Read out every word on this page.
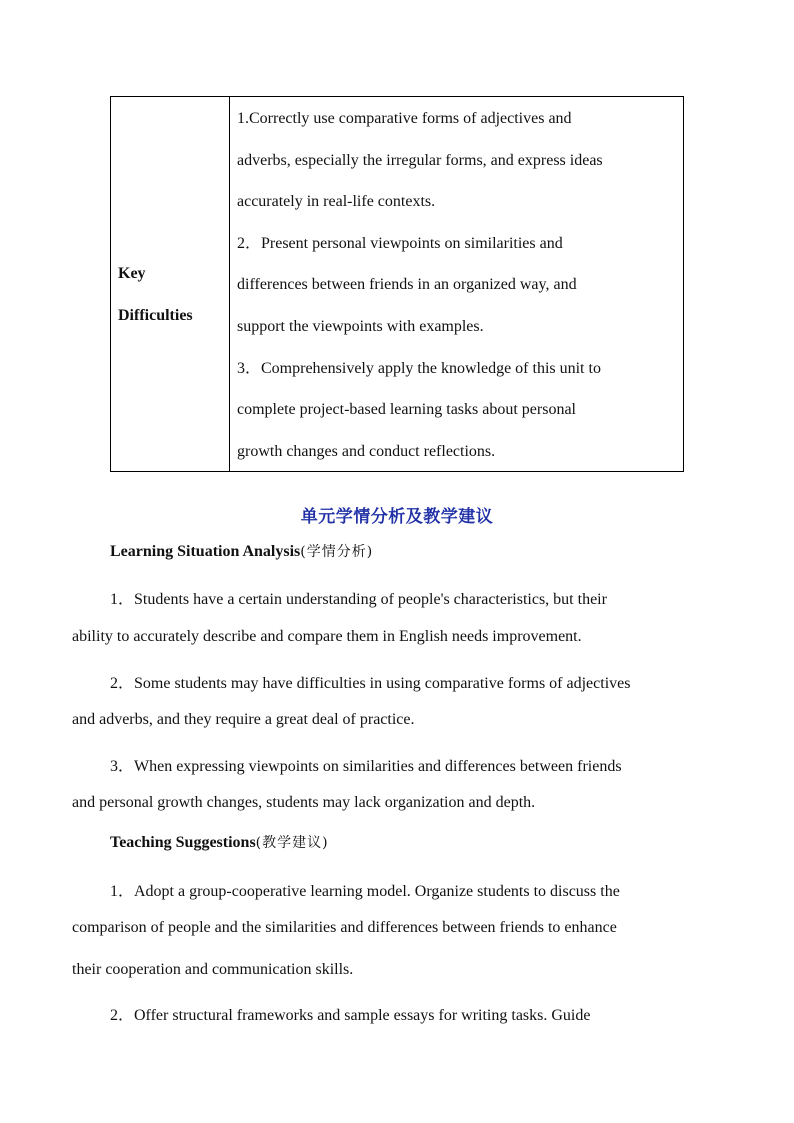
Key
Difficulties
1.Correctly use comparative forms of adjectives and
adverbs, especially the irregular forms, and express ideas
accurately in real-life contexts.
2．Present personal viewpoints on similarities and
differences between friends in an organized way, and
support the viewpoints with examples.
3．Comprehensively apply the knowledge of this unit to
complete project-based learning tasks about personal
growth changes and conduct reflections.
单元学情分析及教学建议
Learning Situation Analysis(学情分析)
1．Students have a certain understanding of people's characteristics, but their
ability to accurately describe and compare them in English needs improvement.
2．Some students may have difficulties in using comparative forms of adjectives
and adverbs, and they require a great deal of practice.
3．When expressing viewpoints on similarities and differences between friends
and personal growth changes, students may lack organization and depth.
Teaching Suggestions(教学建议)
1．Adopt a group-cooperative learning model. Organize students to discuss the
comparison of people and the similarities and differences between friends to enhance
their cooperation and communication skills.
2．Offer structural frameworks and sample essays for writing tasks. Guide
